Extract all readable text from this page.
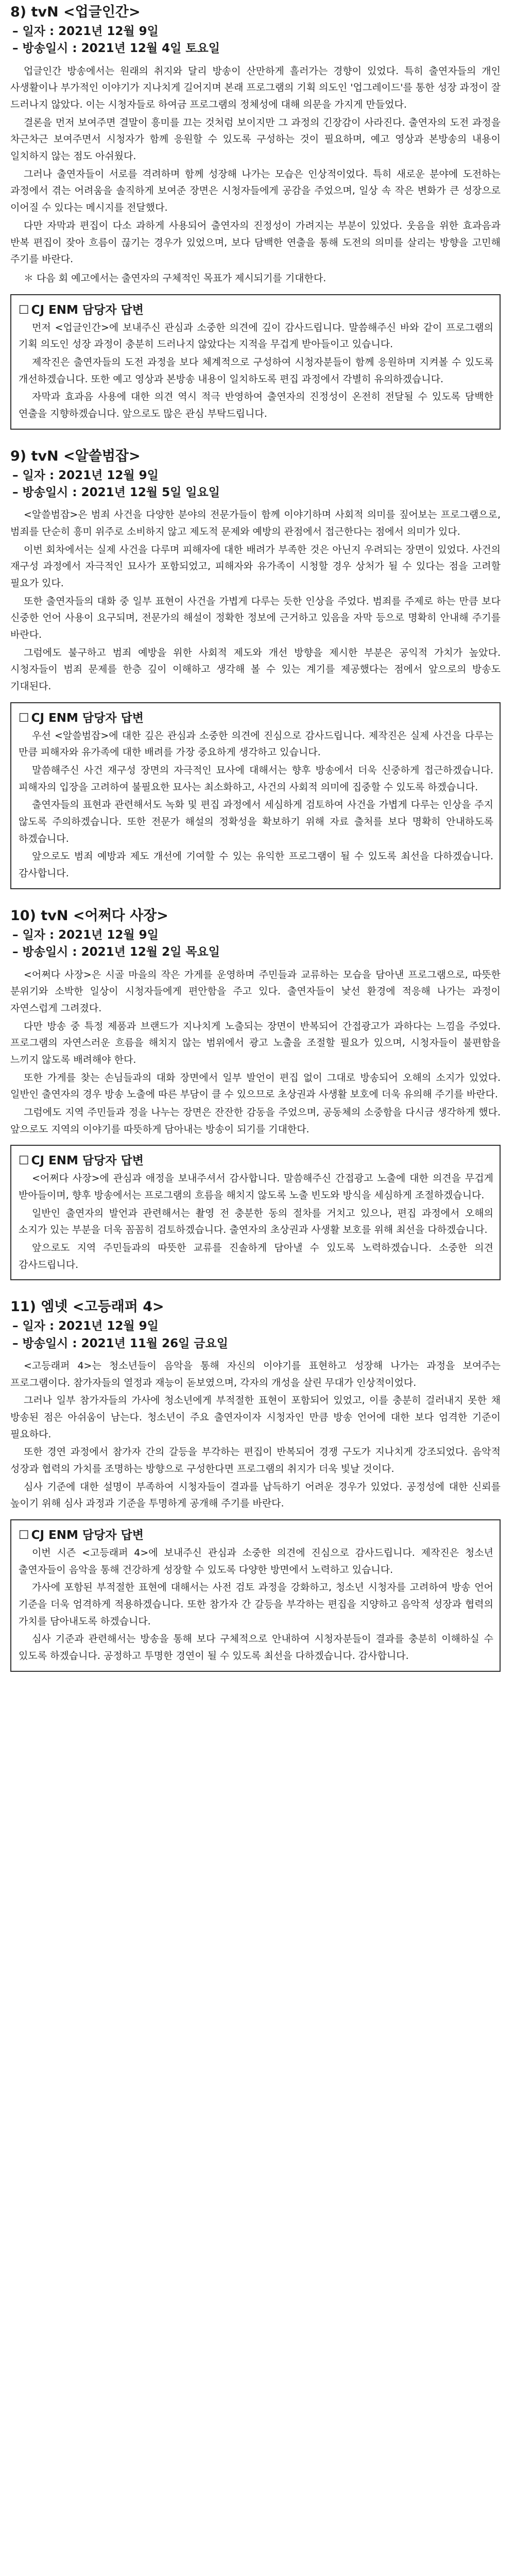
8) tvN <업글인간>
– 일자 : 2021년 12월 9일
– 방송일시 : 2021년 12월 4일 토요일

업글인간 방송에서는 원래의 취지와 달리 방송이 산만하게 흘러가는 경향이 있었다. 특히 출연자들의 개인 사생활이나 부가적인 이야기가 지나치게 길어지며 본래 프로그램의 기획 의도인 '업그레이드'를 통한 성장 과정이 잘 드러나지 않았다. 이는 시청자들로 하여금 프로그램의 정체성에 대해 의문을 가지게 만들었다.

결론을 먼저 보여주면 결말이 흥미를 끄는 것처럼 보이지만 그 과정의 긴장감이 사라진다. 출연자의 도전 과정을 차근차근 보여주면서 시청자가 함께 응원할 수 있도록 구성하는 것이 필요하며, 예고 영상과 본방송의 내용이 일치하지 않는 점도 아쉬웠다.

그러나 출연자들이 서로를 격려하며 함께 성장해 나가는 모습은 인상적이었다. 특히 새로운 분야에 도전하는 과정에서 겪는 어려움을 솔직하게 보여준 장면은 시청자들에게 공감을 주었으며, 일상 속 작은 변화가 큰 성장으로 이어질 수 있다는 메시지를 전달했다.

다만 자막과 편집이 다소 과하게 사용되어 출연자의 진정성이 가려지는 부분이 있었다. 웃음을 위한 효과음과 반복 편집이 잦아 흐름이 끊기는 경우가 있었으며, 보다 담백한 연출을 통해 도전의 의미를 살리는 방향을 고민해 주기를 바란다.

＊ 다음 회 예고에서는 출연자의 구체적인 목표가 제시되기를 기대한다.
☐ CJ ENM 담당자 답변

먼저 <업글인간>에 보내주신 관심과 소중한 의견에 깊이 감사드립니다. 말씀해주신 바와 같이 프로그램의 기획 의도인 성장 과정이 충분히 드러나지 않았다는 지적을 무겁게 받아들이고 있습니다.

제작진은 출연자들의 도전 과정을 보다 체계적으로 구성하여 시청자분들이 함께 응원하며 지켜볼 수 있도록 개선하겠습니다. 또한 예고 영상과 본방송 내용이 일치하도록 편집 과정에서 각별히 유의하겠습니다.

자막과 효과음 사용에 대한 의견 역시 적극 반영하여 출연자의 진정성이 온전히 전달될 수 있도록 담백한 연출을 지향하겠습니다. 앞으로도 많은 관심 부탁드립니다.

9) tvN <알쓸범잡>
– 일자 : 2021년 12월 9일
– 방송일시 : 2021년 12월 5일 일요일

<알쓸범잡>은 범죄 사건을 다양한 분야의 전문가들이 함께 이야기하며 사회적 의미를 짚어보는 프로그램으로, 범죄를 단순히 흥미 위주로 소비하지 않고 제도적 문제와 예방의 관점에서 접근한다는 점에서 의미가 있다.

이번 회차에서는 실제 사건을 다루며 피해자에 대한 배려가 부족한 것은 아닌지 우려되는 장면이 있었다. 사건의 재구성 과정에서 자극적인 묘사가 포함되었고, 피해자와 유가족이 시청할 경우 상처가 될 수 있다는 점을 고려할 필요가 있다.

또한 출연자들의 대화 중 일부 표현이 사건을 가볍게 다루는 듯한 인상을 주었다. 범죄를 주제로 하는 만큼 보다 신중한 언어 사용이 요구되며, 전문가의 해설이 정확한 정보에 근거하고 있음을 자막 등으로 명확히 안내해 주기를 바란다.

그럼에도 불구하고 범죄 예방을 위한 사회적 제도와 개선 방향을 제시한 부분은 공익적 가치가 높았다. 시청자들이 범죄 문제를 한층 깊이 이해하고 생각해 볼 수 있는 계기를 제공했다는 점에서 앞으로의 방송도 기대된다.

☐ CJ ENM 담당자 답변

우선 <알쓸범잡>에 대한 깊은 관심과 소중한 의견에 진심으로 감사드립니다. 제작진은 실제 사건을 다루는 만큼 피해자와 유가족에 대한 배려를 가장 중요하게 생각하고 있습니다.

말씀해주신 사건 재구성 장면의 자극적인 묘사에 대해서는 향후 방송에서 더욱 신중하게 접근하겠습니다. 피해자의 입장을 고려하여 불필요한 묘사는 최소화하고, 사건의 사회적 의미에 집중할 수 있도록 하겠습니다.

출연자들의 표현과 관련해서도 녹화 및 편집 과정에서 세심하게 검토하여 사건을 가볍게 다루는 인상을 주지 않도록 주의하겠습니다. 또한 전문가 해설의 정확성을 확보하기 위해 자료 출처를 보다 명확히 안내하도록 하겠습니다.

앞으로도 범죄 예방과 제도 개선에 기여할 수 있는 유익한 프로그램이 될 수 있도록 최선을 다하겠습니다. 감사합니다.

10) tvN <어쩌다 사장>
– 일자 : 2021년 12월 9일
– 방송일시 : 2021년 12월 2일 목요일

<어쩌다 사장>은 시골 마을의 작은 가게를 운영하며 주민들과 교류하는 모습을 담아낸 프로그램으로, 따뜻한 분위기와 소박한 일상이 시청자들에게 편안함을 주고 있다. 출연자들이 낯선 환경에 적응해 나가는 과정이 자연스럽게 그려졌다.

다만 방송 중 특정 제품과 브랜드가 지나치게 노출되는 장면이 반복되어 간접광고가 과하다는 느낌을 주었다. 프로그램의 자연스러운 흐름을 해치지 않는 범위에서 광고 노출을 조절할 필요가 있으며, 시청자들이 불편함을 느끼지 않도록 배려해야 한다.

또한 가게를 찾는 손님들과의 대화 장면에서 일부 발언이 편집 없이 그대로 방송되어 오해의 소지가 있었다. 일반인 출연자의 경우 방송 노출에 따른 부담이 클 수 있으므로 초상권과 사생활 보호에 더욱 유의해 주기를 바란다.

그럼에도 지역 주민들과 정을 나누는 장면은 잔잔한 감동을 주었으며, 공동체의 소중함을 다시금 생각하게 했다. 앞으로도 지역의 이야기를 따뜻하게 담아내는 방송이 되기를 기대한다.

☐ CJ ENM 담당자 답변

<어쩌다 사장>에 관심과 애정을 보내주셔서 감사합니다. 말씀해주신 간접광고 노출에 대한 의견을 무겁게 받아들이며, 향후 방송에서는 프로그램의 흐름을 해치지 않도록 노출 빈도와 방식을 세심하게 조절하겠습니다.

일반인 출연자의 발언과 관련해서는 촬영 전 충분한 동의 절차를 거치고 있으나, 편집 과정에서 오해의 소지가 있는 부분을 더욱 꼼꼼히 검토하겠습니다. 출연자의 초상권과 사생활 보호를 위해 최선을 다하겠습니다.

앞으로도 지역 주민들과의 따뜻한 교류를 진솔하게 담아낼 수 있도록 노력하겠습니다. 소중한 의견 감사드립니다.

11) 엠넷 <고등래퍼 4>
– 일자 : 2021년 12월 9일
– 방송일시 : 2021년 11월 26일 금요일

<고등래퍼 4>는 청소년들이 음악을 통해 자신의 이야기를 표현하고 성장해 나가는 과정을 보여주는 프로그램이다. 참가자들의 열정과 재능이 돋보였으며, 각자의 개성을 살린 무대가 인상적이었다.

그러나 일부 참가자들의 가사에 청소년에게 부적절한 표현이 포함되어 있었고, 이를 충분히 걸러내지 못한 채 방송된 점은 아쉬움이 남는다. 청소년이 주요 출연자이자 시청자인 만큼 방송 언어에 대한 보다 엄격한 기준이 필요하다.

또한 경연 과정에서 참가자 간의 갈등을 부각하는 편집이 반복되어 경쟁 구도가 지나치게 강조되었다. 음악적 성장과 협력의 가치를 조명하는 방향으로 구성한다면 프로그램의 취지가 더욱 빛날 것이다.

심사 기준에 대한 설명이 부족하여 시청자들이 결과를 납득하기 어려운 경우가 있었다. 공정성에 대한 신뢰를 높이기 위해 심사 과정과 기준을 투명하게 공개해 주기를 바란다.

☐ CJ ENM 담당자 답변

이번 시즌 <고등래퍼 4>에 보내주신 관심과 소중한 의견에 진심으로 감사드립니다. 제작진은 청소년 출연자들이 음악을 통해 건강하게 성장할 수 있도록 다양한 방면에서 노력하고 있습니다.

가사에 포함된 부적절한 표현에 대해서는 사전 검토 과정을 강화하고, 청소년 시청자를 고려하여 방송 언어 기준을 더욱 엄격하게 적용하겠습니다. 또한 참가자 간 갈등을 부각하는 편집을 지양하고 음악적 성장과 협력의 가치를 담아내도록 하겠습니다.

심사 기준과 관련해서는 방송을 통해 보다 구체적으로 안내하여 시청자분들이 결과를 충분히 이해하실 수 있도록 하겠습니다. 공정하고 투명한 경연이 될 수 있도록 최선을 다하겠습니다. 감사합니다.
